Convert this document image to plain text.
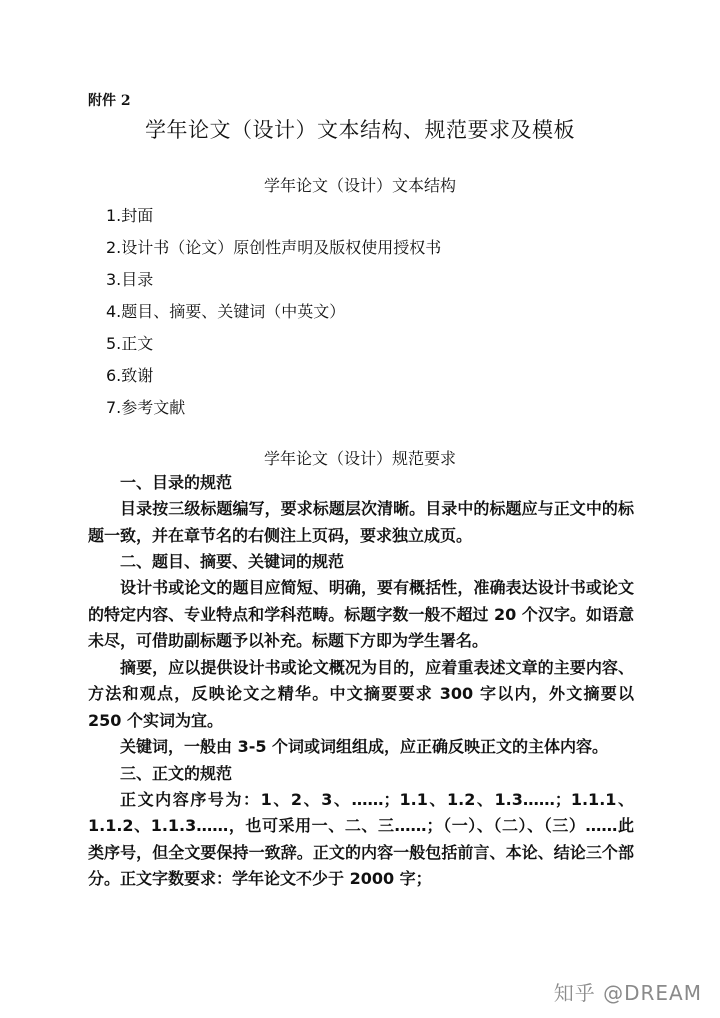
附件 2
学年论文（设计）文本结构、规范要求及模板
学年论文（设计）文本结构
1.封面
2.设计书（论文）原创性声明及版权使用授权书
3.目录
4.题目、摘要、关键词（中英文）
5.正文
6.致谢
7.参考文献
学年论文（设计）规范要求
一、目录的规范

目录按三级标题编写，要求标题层次清晰。目录中的标题应与正文中的标题一致，并在章节名的右侧注上页码，要求独立成页。

二、题目、摘要、关键词的规范

设计书或论文的题目应简短、明确，要有概括性，准确表达设计书或论文的特定内容、专业特点和学科范畴。标题字数一般不超过 20 个汉字。如语意未尽，可借助副标题予以补充。标题下方即为学生署名。

摘要，应以提供设计书或论文概况为目的，应着重表述文章的主要内容、方法和观点，反映论文之精华。中文摘要要求 300 字以内，外文摘要以 250 个实词为宜。

关键词，一般由 3-5 个词或词组组成，应正确反映正文的主体内容。

三、正文的规范

正文内容序号为：1、2、3、……；1.1、1.2、1.3……；1.1.1、1.1.2、1.1.3……，也可采用一、二、三……；（一）、（二）、（三）……此类序号，但全文要保持一致辞。正文的内容一般包括前言、本论、结论三个部分。正文字数要求：学年论文不少于 2000 字；

知乎 @DREAM
